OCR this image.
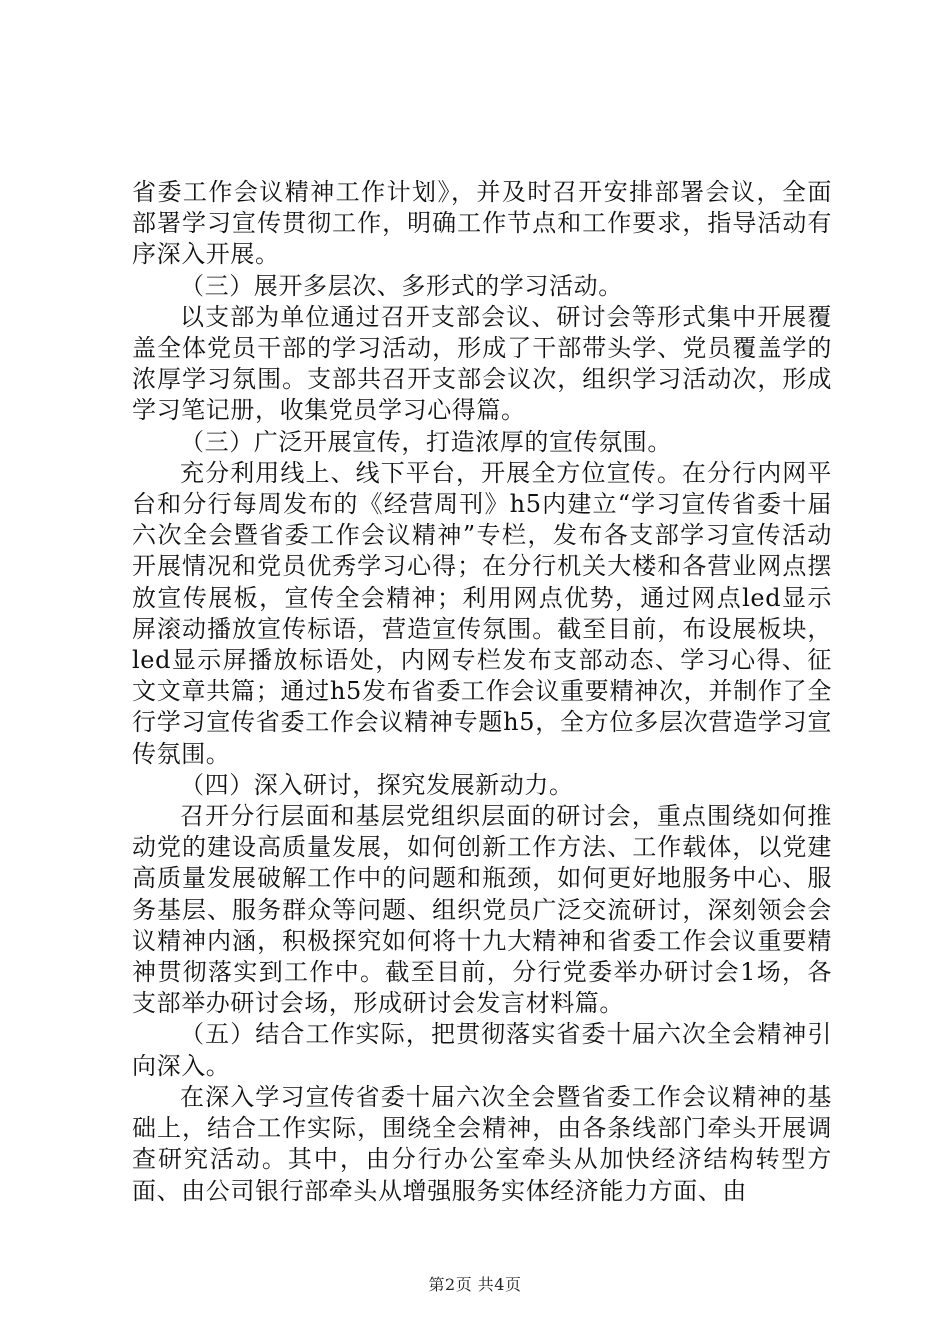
省委工作会议精神工作计划》，并及时召开安排部署会议，全面部署学习宣传贯彻工作，明确工作节点和工作要求，指导活动有序深入开展。

（三）展开多层次、多形式的学习活动。

以支部为单位通过召开支部会议、研讨会等形式集中开展覆盖全体党员干部的学习活动，形成了干部带头学、党员覆盖学的浓厚学习氛围。支部共召开支部会议次，组织学习活动次，形成学习笔记册，收集党员学习心得篇。

（三）广泛开展宣传，打造浓厚的宣传氛围。

充分利用线上、线下平台，开展全方位宣传。在分行内网平台和分行每周发布的《经营周刊》h5内建立“学习宣传省委十届六次全会暨省委工作会议精神”专栏，发布各支部学习宣传活动开展情况和党员优秀学习心得；在分行机关大楼和各营业网点摆放宣传展板，宣传全会精神；利用网点优势，通过网点led显示屏滚动播放宣传标语，营造宣传氛围。截至目前，布设展板块，led显示屏播放标语处，内网专栏发布支部动态、学习心得、征文文章共篇；通过h5发布省委工作会议重要精神次，并制作了全行学习宣传省委工作会议精神专题h5，全方位多层次营造学习宣传氛围。

（四）深入研讨，探究发展新动力。

召开分行层面和基层党组织层面的研讨会，重点围绕如何推动党的建设高质量发展，如何创新工作方法、工作载体，以党建高质量发展破解工作中的问题和瓶颈，如何更好地服务中心、服务基层、服务群众等问题、组织党员广泛交流研讨，深刻领会会议精神内涵，积极探究如何将十九大精神和省委工作会议重要精神贯彻落实到工作中。截至目前，分行党委举办研讨会1场，各支部举办研讨会场，形成研讨会发言材料篇。

（五）结合工作实际，把贯彻落实省委十届六次全会精神引向深入。

在深入学习宣传省委十届六次全会暨省委工作会议精神的基础上，结合工作实际，围绕全会精神，由各条线部门牵头开展调查研究活动。其中，由分行办公室牵头从加快经济结构转型方面、由公司银行部牵头从增强服务实体经济能力方面、由

第2页 共4页
